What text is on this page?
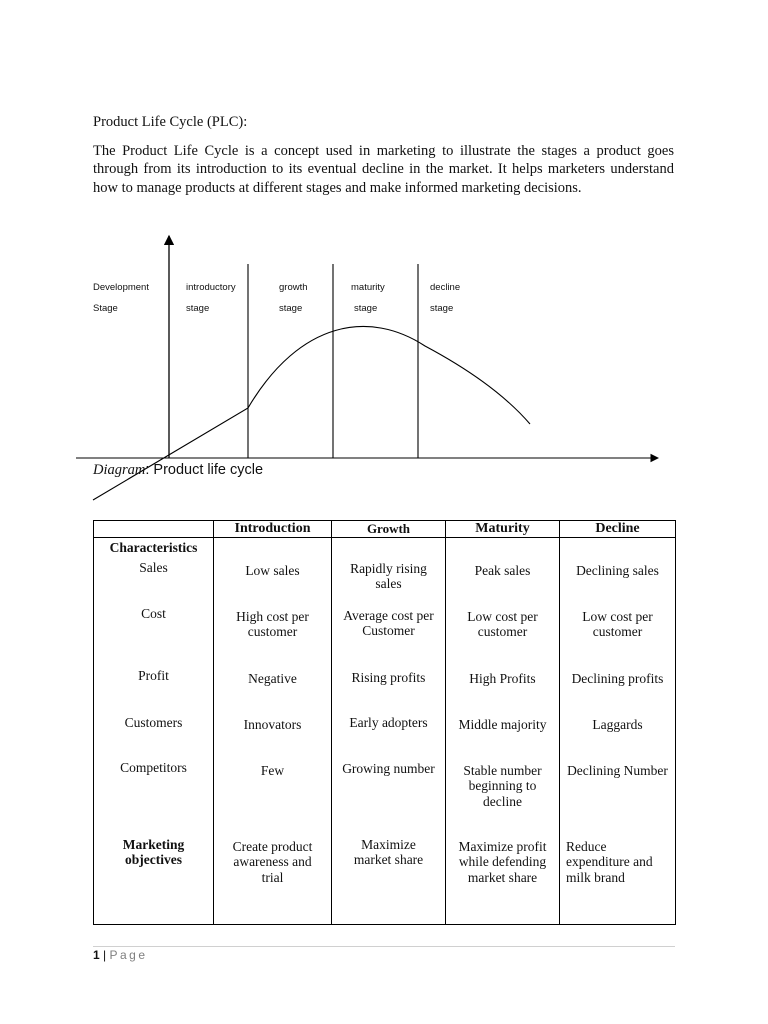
Product Life Cycle (PLC):

The Product Life Cycle is a concept used in marketing to illustrate the stages a product goes through from its introduction to its eventual decline in the market. It helps marketers understand how to manage products at different stages and make informed marketing decisions.

Development
Stage
introductory
stage
growth
stage
maturity
stage
decline
stage
Diagram: Product life cycle
	Introduction	Growth	Maturity	Decline
Characteristics				
Sales	Low sales	Rapidly rising sales	Peak sales	Declining sales
Cost	High cost per customer	Average cost per Customer	Low cost per customer	Low cost per customer
Profit	Negative	Rising profits	High Profits	Declining profits
Customers	Innovators	Early adopters	Middle majority	Laggards
Competitors	Few	Growing number	Stable number beginning to decline	Declining Number
Marketing objectives	Create product awareness and trial	Maximize market share	Maximize profit while defending market share	Reduce expenditure and milk brand
1 | Page
